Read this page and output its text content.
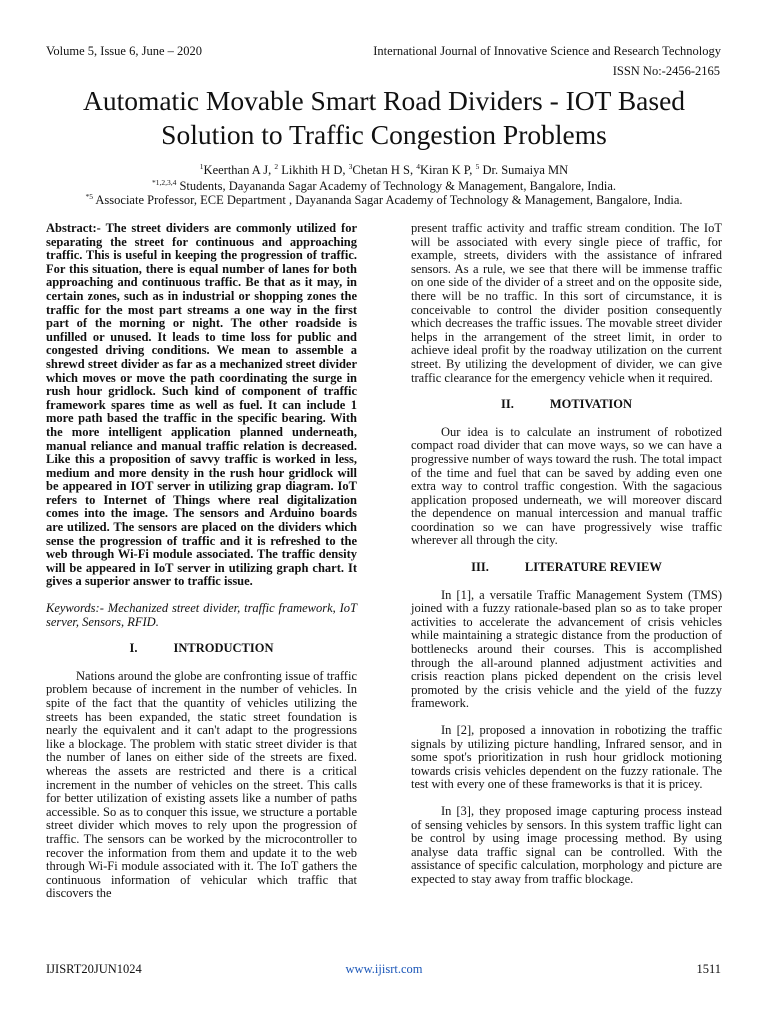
Volume 5, Issue 6, June – 2020	International Journal of Innovative Science and Research Technology
ISSN No:-2456-2165
Automatic Movable Smart Road Dividers - IOT Based Solution to Traffic Congestion Problems
$^1$Keerthan A J, $^2$ Likhith H D, $^3$Chetan H S, $^4$Kiran K P, $^5$ Dr. Sumaiya MN
$^{*1,2,3,4}$ Students, Dayananda Sagar Academy of Technology & Management, Bangalore, India.
$^{*5}$ Associate Professor, ECE Department , Dayananda Sagar Academy of Technology & Management, Bangalore, India.

Abstract:- The street dividers are commonly utilized for separating the street for continuous and approaching traffic. This is useful in keeping the progression of traffic. For this situation, there is equal number of lanes for both approaching and continuous traffic. Be that as it may, in certain zones, such as in industrial or shopping zones the traffic for the most part streams a one way in the first part of the morning or night. The other roadside is unfilled or unused. It leads to time loss for public and congested driving conditions. We mean to assemble a shrewd street divider as far as a mechanized street divider which moves or move the path coordinating the surge in rush hour gridlock. Such kind of component of traffic framework spares time as well as fuel. It can include 1 more path based the traffic in the specific bearing. With the more intelligent application planned underneath, manual reliance and manual traffic relation is decreased. Like this a proposition of savvy traffic is worked in less, medium and more density in the rush hour gridlock will be appeared in IOT server in utilizing grap diagram. IoT refers to Internet of Things where real digitalization comes into the image. The sensors and Arduino boards are utilized. The sensors are placed on the dividers which sense the progression of traffic and it is refreshed to the web through Wi-Fi module associated. The traffic density will be appeared in IoT server in utilizing graph chart. It gives a superior answer to traffic issue.

Keywords:- Mechanized street divider, traffic framework, IoT server, Sensors, RFID.

I.	INTRODUCTION

Nations around the globe are confronting issue of traffic problem because of increment in the number of vehicles. In spite of the fact that the quantity of vehicles utilizing the streets has been expanded, the static street foundation is nearly the equivalent and it can't adapt to the progressions like a blockage. The problem with static street divider is that the number of lanes on either side of the streets are fixed. whereas the assets are restricted and there is a critical increment in the number of vehicles on the street. This calls for better utilization of existing assets like a number of paths accessible. So as to conquer this issue, we structure a portable street divider which moves to rely upon the progression of traffic. The sensors can be worked by the microcontroller to recover the information from them and update it to the web through Wi-Fi module associated with it. The IoT gathers the continuous information of vehicular which traffic that discovers the

present traffic activity and traffic stream condition. The IoT will be associated with every single piece of traffic, for example, streets, dividers with the assistance of infrared sensors. As a rule, we see that there will be immense traffic on one side of the divider of a street and on the opposite side, there will be no traffic. In this sort of circumstance, it is conceivable to control the divider position consequently which decreases the traffic issues. The movable street divider helps in the arrangement of the street limit, in order to achieve ideal profit by the roadway utilization on the current street. By utilizing the development of divider, we can give traffic clearance for the emergency vehicle when it required.

II.	MOTIVATION

Our idea is to calculate an instrument of robotized compact road divider that can move ways, so we can have a progressive number of ways toward the rush. The total impact of the time and fuel that can be saved by adding even one extra way to control traffic congestion. With the sagacious application proposed underneath, we will moreover discard the dependence on manual intercession and manual traffic coordination so we can have progressively wise traffic wherever all through the city.

III.	LITERATURE REVIEW

In [1], a versatile Traffic Management System (TMS) joined with a fuzzy rationale-based plan so as to take proper activities to accelerate the advancement of crisis vehicles while maintaining a strategic distance from the production of bottlenecks around their courses. This is accomplished through the all-around planned adjustment activities and crisis reaction plans picked dependent on the crisis level promoted by the crisis vehicle and the yield of the fuzzy framework.

In [2], proposed a innovation in robotizing the traffic signals by utilizing picture handling, Infrared sensor, and in some spot's prioritization in rush hour gridlock motioning towards crisis vehicles dependent on the fuzzy rationale. The test with every one of these frameworks is that it is pricey.

In [3], they proposed image capturing process instead of sensing vehicles by sensors. In this system traffic light can be control by using image processing method. By using analyse data traffic signal can be controlled. With the assistance of specific calculation, morphology and picture are expected to stay away from traffic blockage.

IJISRT20JUN1024	www.ijisrt.com	1511
